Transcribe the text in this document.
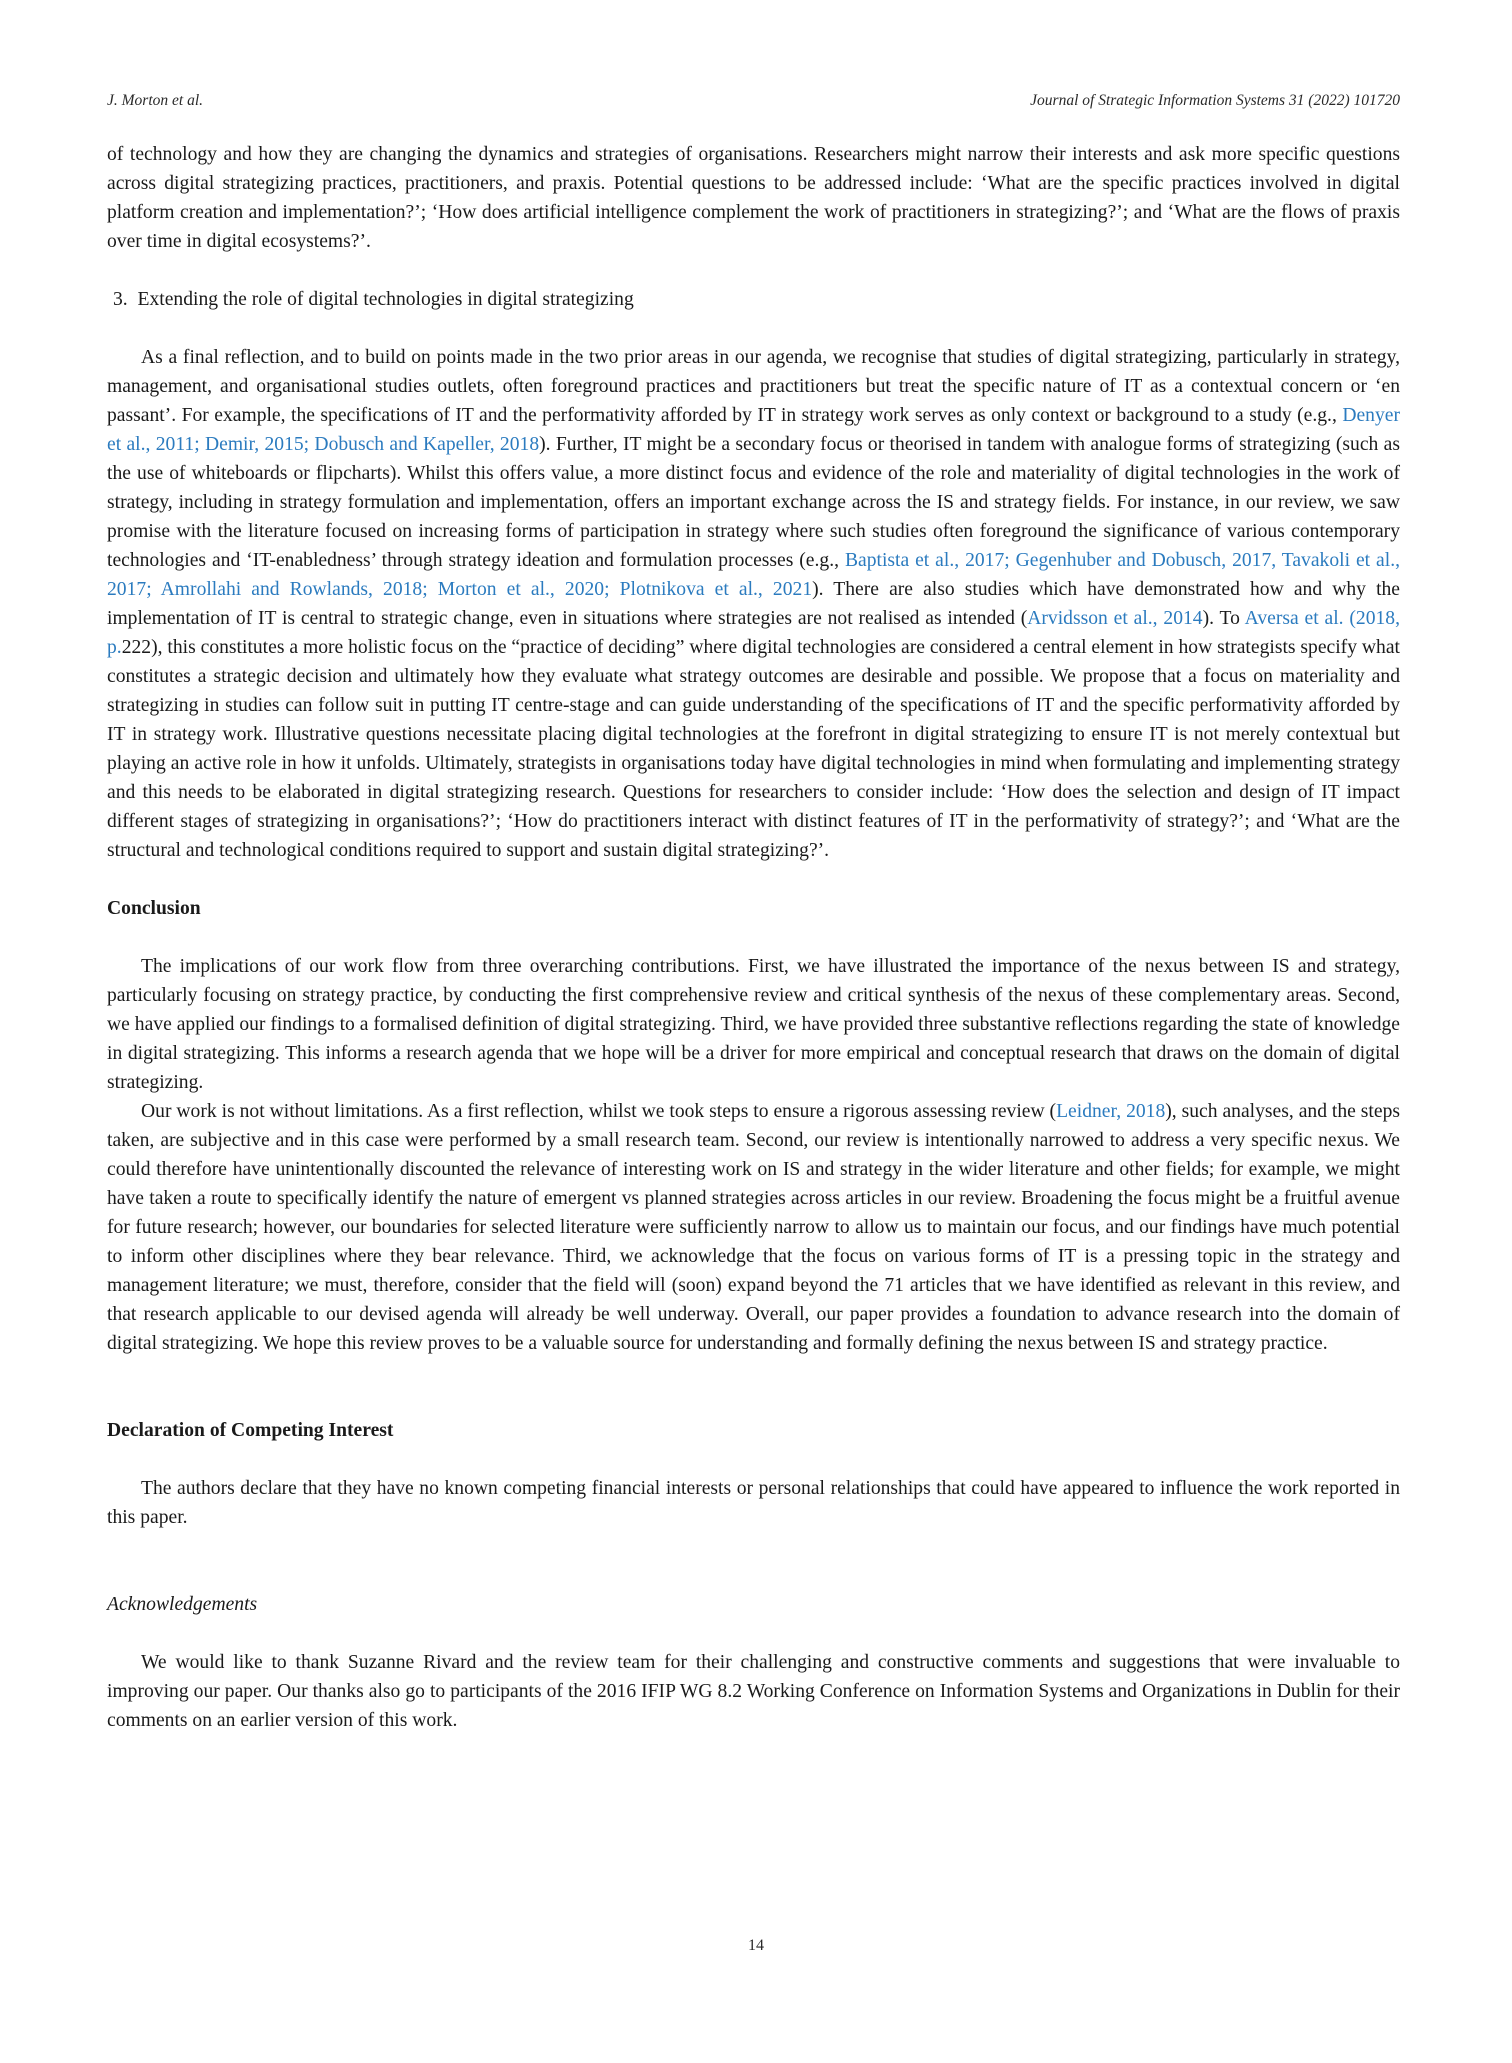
J. Morton et al.	Journal of Strategic Information Systems 31 (2022) 101720

of technology and how they are changing the dynamics and strategies of organisations. Researchers might narrow their interests and ask more specific questions across digital strategizing practices, practitioners, and praxis. Potential questions to be addressed include: ‘What are the specific practices involved in digital platform creation and implementation?’; ‘How does artificial intelligence complement the work of practitioners in strategizing?’; and ‘What are the flows of praxis over time in digital ecosystems?’.

3. Extending the role of digital technologies in digital strategizing

As a final reflection, and to build on points made in the two prior areas in our agenda, we recognise that studies of digital strategizing, particularly in strategy, management, and organisational studies outlets, often foreground practices and practitioners but treat the specific nature of IT as a contextual concern or ‘en passant’. For example, the specifications of IT and the performativity afforded by IT in strategy work serves as only context or background to a study (e.g., Denyer et al., 2011; Demir, 2015; Dobusch and Kapeller, 2018). Further, IT might be a secondary focus or theorised in tandem with analogue forms of strategizing (such as the use of whiteboards or flipcharts). Whilst this offers value, a more distinct focus and evidence of the role and materiality of digital technologies in the work of strategy, including in strategy formulation and implementation, offers an important exchange across the IS and strategy fields. For instance, in our review, we saw promise with the literature focused on increasing forms of participation in strategy where such studies often foreground the significance of various contemporary technologies and ‘IT-enabledness’ through strategy ideation and formulation processes (e.g., Baptista et al., 2017; Gegenhuber and Dobusch, 2017, Tavakoli et al., 2017; Amrollahi and Rowlands, 2018; Morton et al., 2020; Plotnikova et al., 2021). There are also studies which have demonstrated how and why the implementation of IT is central to strategic change, even in situations where strategies are not realised as intended (Arvidsson et al., 2014). To Aversa et al. (2018, p.222), this constitutes a more holistic focus on the “practice of deciding” where digital technologies are considered a central element in how strategists specify what constitutes a strategic decision and ultimately how they evaluate what strategy outcomes are desirable and possible. We propose that a focus on materiality and strategizing in studies can follow suit in putting IT centre-stage and can guide understanding of the specifications of IT and the specific performativity afforded by IT in strategy work. Illustrative questions necessitate placing digital technologies at the forefront in digital strategizing to ensure IT is not merely contextual but playing an active role in how it unfolds. Ultimately, strategists in organisations today have digital technologies in mind when formulating and implementing strategy and this needs to be elaborated in digital strategizing research. Questions for researchers to consider include: ‘How does the selection and design of IT impact different stages of strategizing in organisations?’; ‘How do practitioners interact with distinct features of IT in the performativity of strategy?’; and ‘What are the structural and technological conditions required to support and sustain digital strategizing?’.

Conclusion

The implications of our work flow from three overarching contributions. First, we have illustrated the importance of the nexus between IS and strategy, particularly focusing on strategy practice, by conducting the first comprehensive review and critical synthesis of the nexus of these complementary areas. Second, we have applied our findings to a formalised definition of digital strategizing. Third, we have provided three substantive reflections regarding the state of knowledge in digital strategizing. This informs a research agenda that we hope will be a driver for more empirical and conceptual research that draws on the domain of digital strategizing.

Our work is not without limitations. As a first reflection, whilst we took steps to ensure a rigorous assessing review (Leidner, 2018), such analyses, and the steps taken, are subjective and in this case were performed by a small research team. Second, our review is intentionally narrowed to address a very specific nexus. We could therefore have unintentionally discounted the relevance of interesting work on IS and strategy in the wider literature and other fields; for example, we might have taken a route to specifically identify the nature of emergent vs planned strategies across articles in our review. Broadening the focus might be a fruitful avenue for future research; however, our boundaries for selected literature were sufficiently narrow to allow us to maintain our focus, and our findings have much potential to inform other disciplines where they bear relevance. Third, we acknowledge that the focus on various forms of IT is a pressing topic in the strategy and management literature; we must, therefore, consider that the field will (soon) expand beyond the 71 articles that we have identified as relevant in this review, and that research applicable to our devised agenda will already be well underway. Overall, our paper provides a foundation to advance research into the domain of digital strategizing. We hope this review proves to be a valuable source for understanding and formally defining the nexus between IS and strategy practice.

Declaration of Competing Interest

The authors declare that they have no known competing financial interests or personal relationships that could have appeared to influence the work reported in this paper.

Acknowledgements

We would like to thank Suzanne Rivard and the review team for their challenging and constructive comments and suggestions that were invaluable to improving our paper. Our thanks also go to participants of the 2016 IFIP WG 8.2 Working Conference on Information Systems and Organizations in Dublin for their comments on an earlier version of this work.

14
